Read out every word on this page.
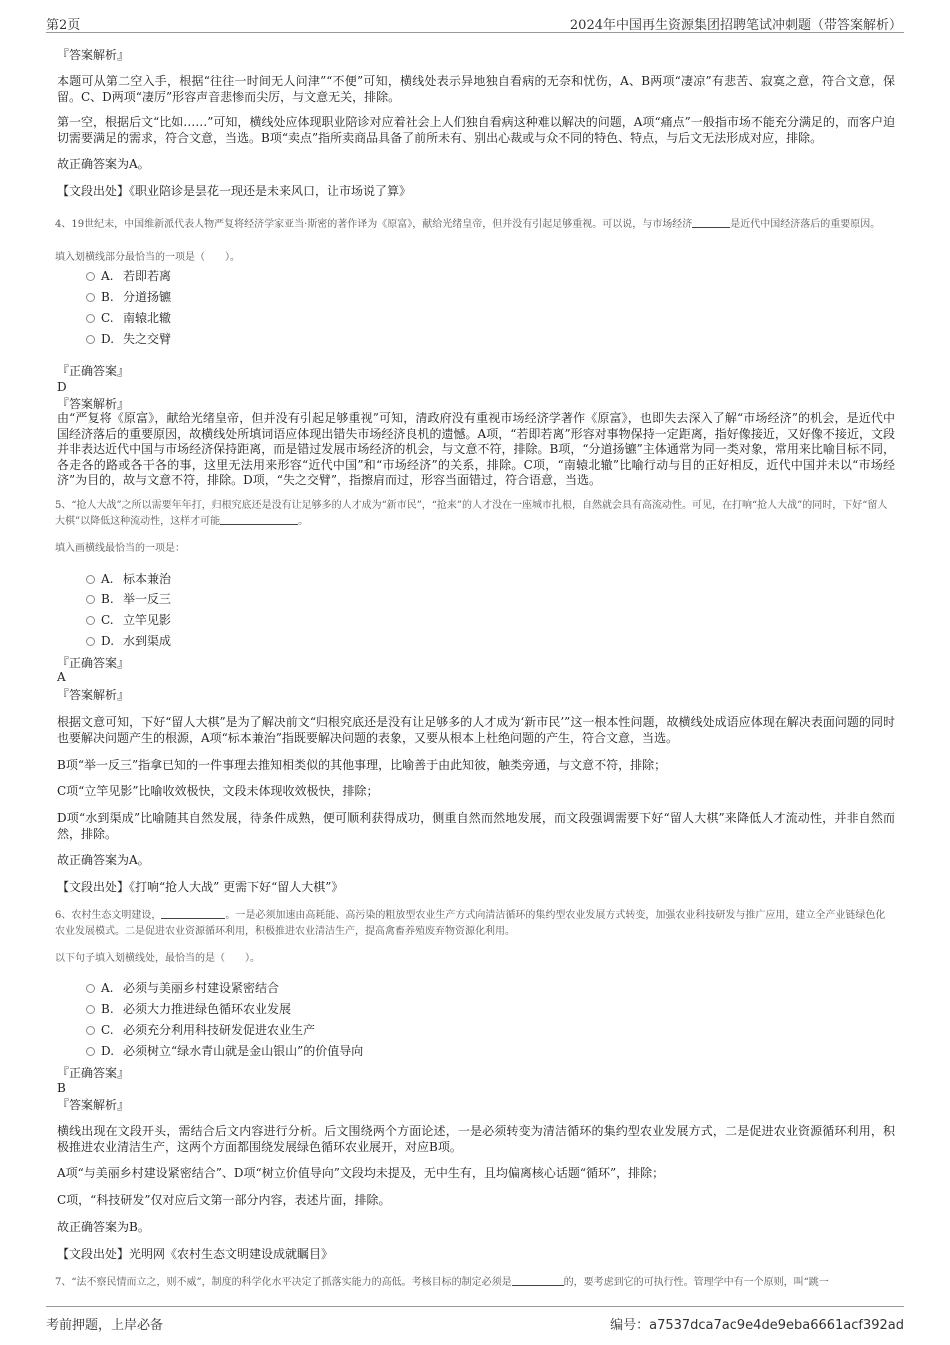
第2页	2024年中国再生资源集团招聘笔试冲刺题（带答案解析）
『答案解析』
本题可从第二空入手，根据“往往一时间无人问津”“不便”可知，横线处表示异地独自看病的无奈和忧伤，A、B两项“凄凉”有悲苦、寂寞之意，符合文意，保留。C、D两项“凄厉”形容声音悲惨而尖厉，与文意无关，排除。
第一空，根据后文“比如……”可知，横线处应体现职业陪诊对应着社会上人们独自看病这种难以解决的问题，A项“痛点”一般指市场不能充分满足的，而客户迫切需要满足的需求，符合文意，当选。B项“卖点”指所卖商品具备了前所未有、别出心裁或与众不同的特色、特点，与后文无法形成对应，排除。
故正确答案为A。
【文段出处】《职业陪诊是昙花一现还是未来风口，让市场说了算》
4、19世纪末，中国维新派代表人物严复将经济学家亚当·斯密的著作译为《原富》，献给光绪皇帝，但并没有引起足够重视。可以说，与市场经济	是近代中国经济落后的重要原因。
填入划横线部分最恰当的一项是（　　）。
A. 若即若离
B. 分道扬镳
C. 南辕北辙
D. 失之交臂
『正确答案』
D
『答案解析』
由“严复将《原富》，献给光绪皇帝，但并没有引起足够重视”可知，清政府没有重视市场经济学著作《原富》，也即失去深入了解“市场经济”的机会，是近代中国经济落后的重要原因，故横线处所填词语应体现出错失市场经济良机的遗憾。A项，“若即若离”形容对事物保持一定距离，指好像接近，又好像不接近，文段并非表达近代中国与市场经济保持距离，而是错过发展市场经济的机会，与文意不符，排除。B项，“分道扬镳”主体通常为同一类对象，常用来比喻目标不同，各走各的路或各干各的事，这里无法用来形容“近代中国”和“市场经济”的关系，排除。C项，“南辕北辙”比喻行动与目的正好相反，近代中国并未以“市场经济”为目的，故与文意不符，排除。D项，“失之交臂”，指擦肩而过，形容当面错过，符合语意，当选。
5、“抢人大战”之所以需要年年打，归根究底还是没有让足够多的人才成为“新市民”，“抢来”的人才没在一座城市扎根，自然就会具有高流动性。可见，在打响“抢人大战”的同时，下好“留人大棋”以降低这种流动性，这样才可能	。
填入画横线最恰当的一项是：
A. 标本兼治
B. 举一反三
C. 立竿见影
D. 水到渠成
『正确答案』
A
『答案解析』
根据文意可知，下好“留人大棋”是为了解决前文“归根究底还是没有让足够多的人才成为‘新市民’”这一根本性问题，故横线处成语应体现在解决表面问题的同时也要解决问题产生的根源，A项“标本兼治”指既要解决问题的表象，又要从根本上杜绝问题的产生，符合文意，当选。
B项“举一反三”指拿已知的一件事理去推知相类似的其他事理，比喻善于由此知彼，触类旁通，与文意不符，排除；
C项“立竿见影”比喻收效极快，文段未体现收效极快，排除；
D项“水到渠成”比喻随其自然发展，待条件成熟，便可顺利获得成功，侧重自然而然地发展，而文段强调需要下好“留人大棋”来降低人才流动性，并非自然而然，排除。
故正确答案为A。
【文段出处】《打响“抢人大战” 更需下好“留人大棋”》
6、农村生态文明建设，	。一是必须加速由高耗能、高污染的粗放型农业生产方式向清洁循环的集约型农业发展方式转变，加强农业科技研发与推广应用，建立全产业链绿色化农业发展模式。二是促进农业资源循环利用，积极推进农业清洁生产，提高禽畜养殖废弃物资源化利用。
以下句子填入划横线处，最恰当的是（　　）。
A. 必须与美丽乡村建设紧密结合
B. 必须大力推进绿色循环农业发展
C. 必须充分利用科技研发促进农业生产
D. 必须树立“绿水青山就是金山银山”的价值导向
『正确答案』
B
『答案解析』
横线出现在文段开头，需结合后文内容进行分析。后文围绕两个方面论述，一是必须转变为清洁循环的集约型农业发展方式，二是促进农业资源循环利用，积极推进农业清洁生产，这两个方面都围绕发展绿色循环农业展开，对应B项。
A项“与美丽乡村建设紧密结合”、D项“树立价值导向”文段均未提及，无中生有，且均偏离核心话题“循环”，排除；
C项，“科技研发”仅对应后文第一部分内容，表述片面，排除。
故正确答案为B。
【文段出处】光明网《农村生态文明建设成就瞩目》
7、“法不察民情而立之，则不威”，制度的科学化水平决定了抓落实能力的高低。考核目标的制定必须是	的，要考虑到它的可执行性。管理学中有一个原则，叫“跳一
考前押题，上岸必备	编号：a7537dca7ac9e4de9eba6661acf392ad
